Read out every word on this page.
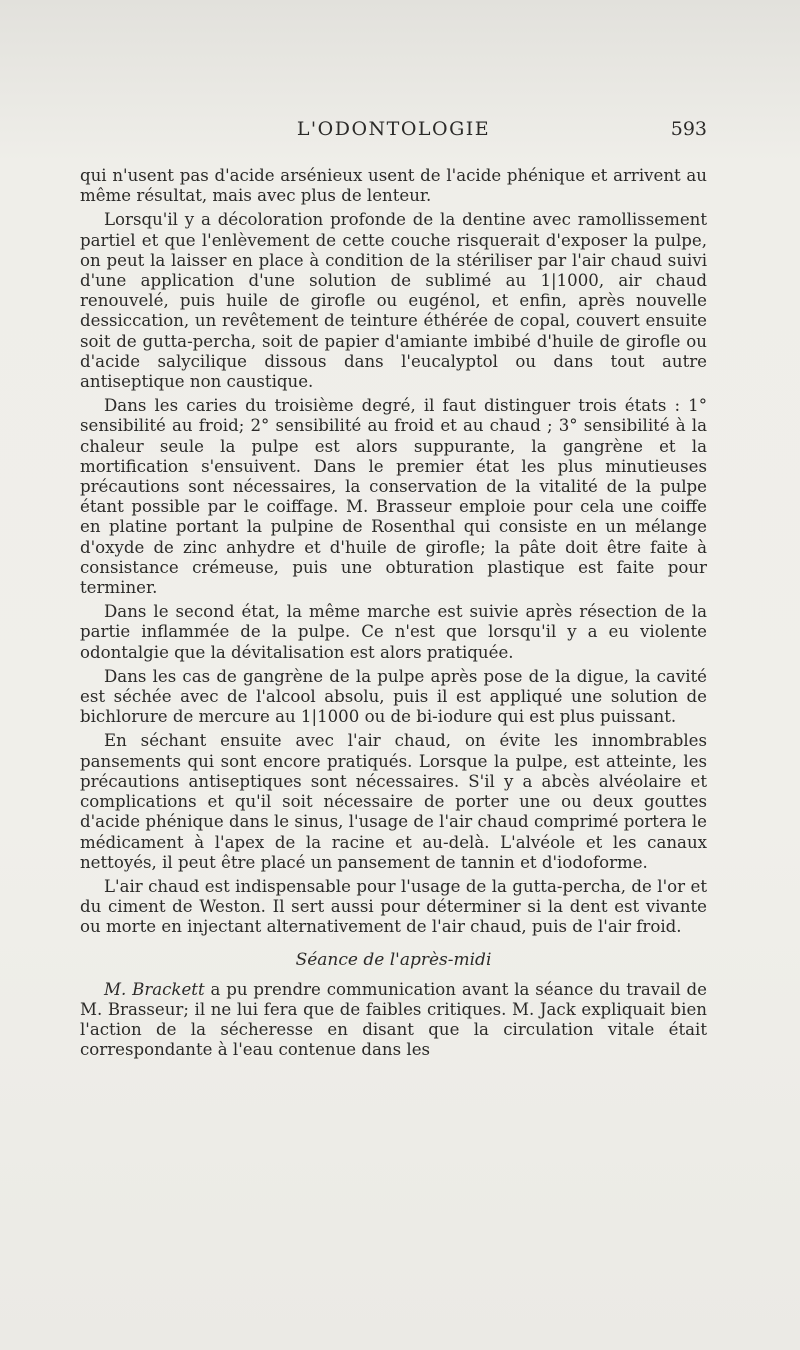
L'ODONTOLOGIE	593

qui n'usent pas d'acide arsénieux usent de l'acide phénique et arrivent au même résultat, mais avec plus de lenteur.

Lorsqu'il y a décoloration profonde de la dentine avec ramollissement partiel et que l'enlèvement de cette couche risquerait d'exposer la pulpe, on peut la laisser en place à condition de la stériliser par l'air chaud suivi d'une application d'une solution de sublimé au 1|1000, air chaud renouvelé, puis huile de girofle ou eugénol, et enfin, après nouvelle dessiccation, un revêtement de teinture éthérée de copal, couvert ensuite soit de gutta-percha, soit de papier d'amiante imbibé d'huile de girofle ou d'acide salycilique dissous dans l'eucalyptol ou dans tout autre antiseptique non caustique.

Dans les caries du troisième degré, il faut distinguer trois états : 1° sensibilité au froid; 2° sensibilité au froid et au chaud ; 3° sensibilité à la chaleur seule la pulpe est alors suppurante, la gangrène et la mortification s'ensuivent. Dans le premier état les plus minutieuses précautions sont nécessaires, la conservation de la vitalité de la pulpe étant possible par le coiffage. M. Brasseur emploie pour cela une coiffe en platine portant la pulpine de Rosenthal qui consiste en un mélange d'oxyde de zinc anhydre et d'huile de girofle; la pâte doit être faite à consistance crémeuse, puis une obturation plastique est faite pour terminer.

Dans le second état, la même marche est suivie après résection de la partie inflammée de la pulpe. Ce n'est que lorsqu'il y a eu violente odontalgie que la dévitalisation est alors pratiquée.

Dans les cas de gangrène de la pulpe après pose de la digue, la cavité est séchée avec de l'alcool absolu, puis il est appliqué une solution de bichlorure de mercure au 1|1000 ou de bi-iodure qui est plus puissant.

En séchant ensuite avec l'air chaud, on évite les innombrables pansements qui sont encore pratiqués. Lorsque la pulpe, est atteinte, les précautions antiseptiques sont nécessaires. S'il y a abcès alvéolaire et complications et qu'il soit nécessaire de porter une ou deux gouttes d'acide phénique dans le sinus, l'usage de l'air chaud comprimé portera le médicament à l'apex de la racine et au-delà. L'alvéole et les canaux nettoyés, il peut être placé un pansement de tannin et d'iodoforme.

L'air chaud est indispensable pour l'usage de la gutta-percha, de l'or et du ciment de Weston. Il sert aussi pour déterminer si la dent est vivante ou morte en injectant alternativement de l'air chaud, puis de l'air froid.

Séance de l'après-midi

M. Brackett a pu prendre communication avant la séance du travail de M. Brasseur; il ne lui fera que de faibles critiques. M. Jack expliquait bien l'action de la sécheresse en disant que la circulation vitale était correspondante à l'eau contenue dans les
